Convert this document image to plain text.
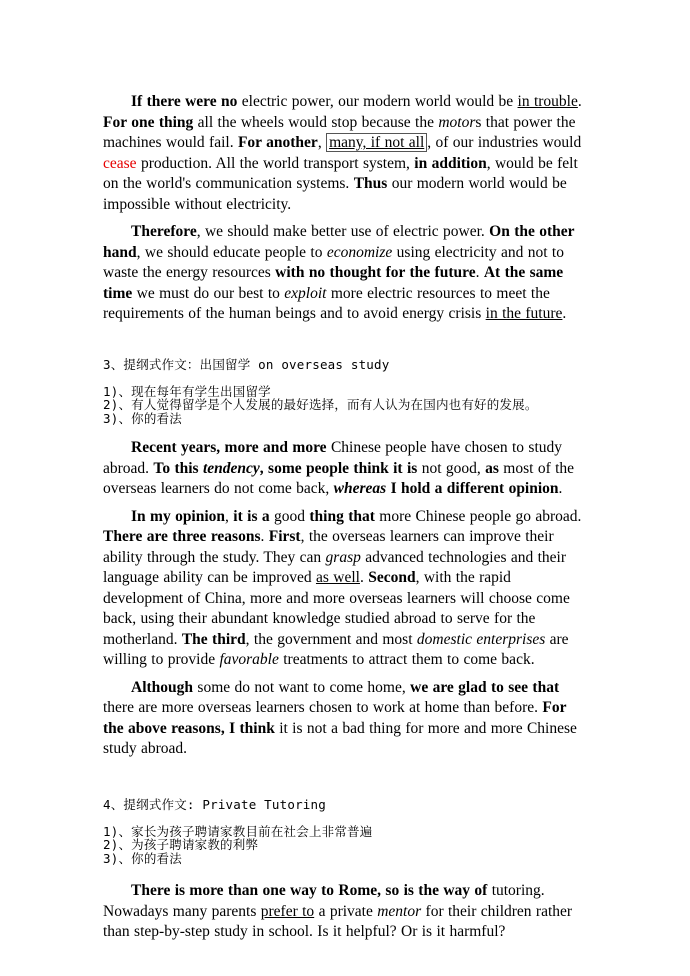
If there were no electric power, our modern world would be in trouble. For one thing all the wheels would stop because the motors that power the machines would fail. For another, many, if not all , of our industries would cease production. All the world transport system, in addition, would be felt on the world's communication systems. Thus our modern world would be impossible without electricity.

Therefore, we should make better use of electric power. On the other hand, we should educate people to economize using electricity and not to waste the energy resources with no thought for the future. At the same time we must do our best to exploit more electric resources to meet the requirements of the human beings and to avoid energy crisis in the future.

3、提纲式作文：出国留学 on overseas study
1)、现在每年有学生出国留学
2)、有人觉得留学是个人发展的最好选择，而有人认为在国内也有好的发展。
3)、你的看法

Recent years, more and more Chinese people have chosen to study abroad. To this tendency, some people think it is not good, as most of the overseas learners do not come back, whereas I hold a different opinion.

In my opinion, it is a good thing that more Chinese people go abroad. There are three reasons. First, the overseas learners can improve their ability through the study. They can grasp advanced technologies and their language ability can be improved as well. Second, with the rapid development of China, more and more overseas learners will choose come back, using their abundant knowledge studied abroad to serve for the motherland. The third, the government and most domestic enterprises are willing to provide favorable treatments to attract them to come back.

Although some do not want to come home, we are glad to see that there are more overseas learners chosen to work at home than before. For the above reasons, I think it is not a bad thing for more and more Chinese study abroad.

4、提纲式作文: Private Tutoring
1)、家长为孩子聘请家教目前在社会上非常普遍
2)、为孩子聘请家教的利弊
3)、你的看法

There is more than one way to Rome, so is the way of tutoring. Nowadays many parents prefer to a private mentor for their children rather than step-by-step study in school. Is it helpful? Or is it harmful?
